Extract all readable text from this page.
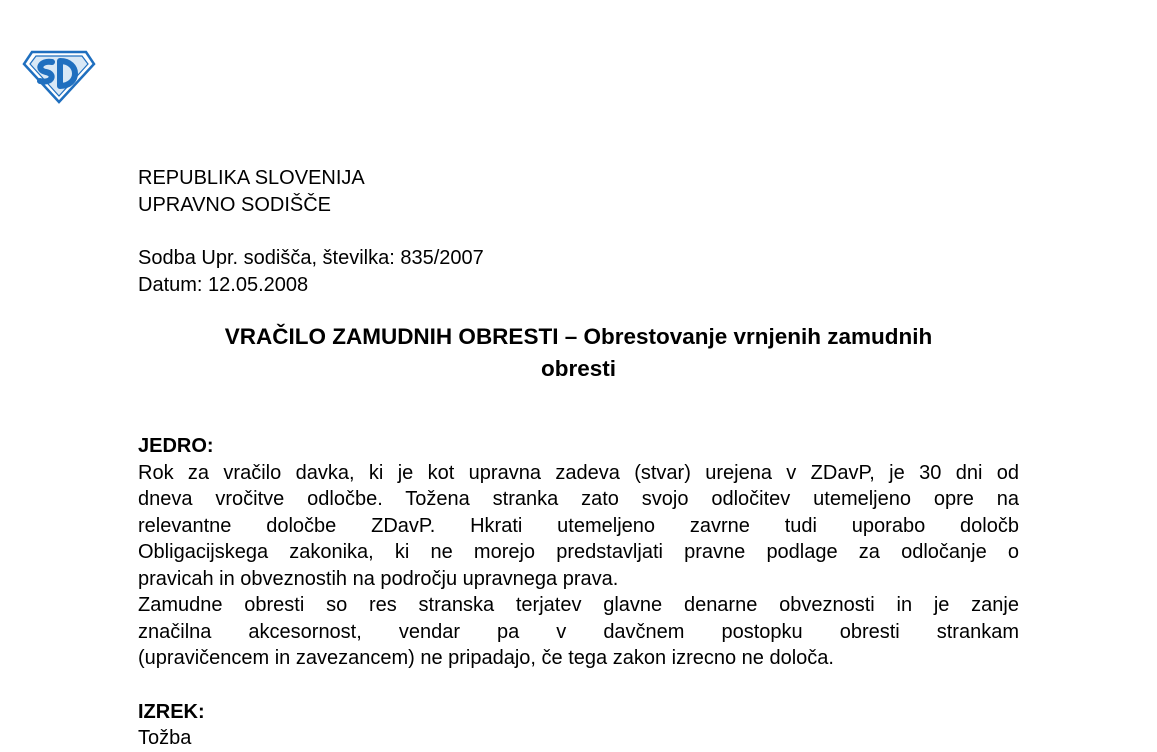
REPUBLIKA SLOVENIJA
UPRAVNO SODIŠČE
Sodba Upr. sodišča, številka: 835/2007
Datum: 12.05.2008
VRAČILO ZAMUDNIH OBRESTI – Obrestovanje vrnjenih zamudnih
obresti
JEDRO:
Rok za vračilo davka, ki je kot upravna zadeva (stvar) urejena v ZDavP, je 30 dni od
dneva vročitve odločbe. Tožena stranka zato svojo odločitev utemeljeno opre na
relevantne določbe ZDavP. Hkrati utemeljeno zavrne tudi uporabo določb
Obligacijskega zakonika, ki ne morejo predstavljati pravne podlage za odločanje o
pravicah in obveznostih na področju upravnega prava.
Zamudne obresti so res stranska terjatev glavne denarne obveznosti in je zanje
značilna akcesornost, vendar pa v davčnem postopku obresti strankam
(upravičencem in zavezancem) ne pripadajo, če tega zakon izrecno ne določa.
IZREK:
Tožba
